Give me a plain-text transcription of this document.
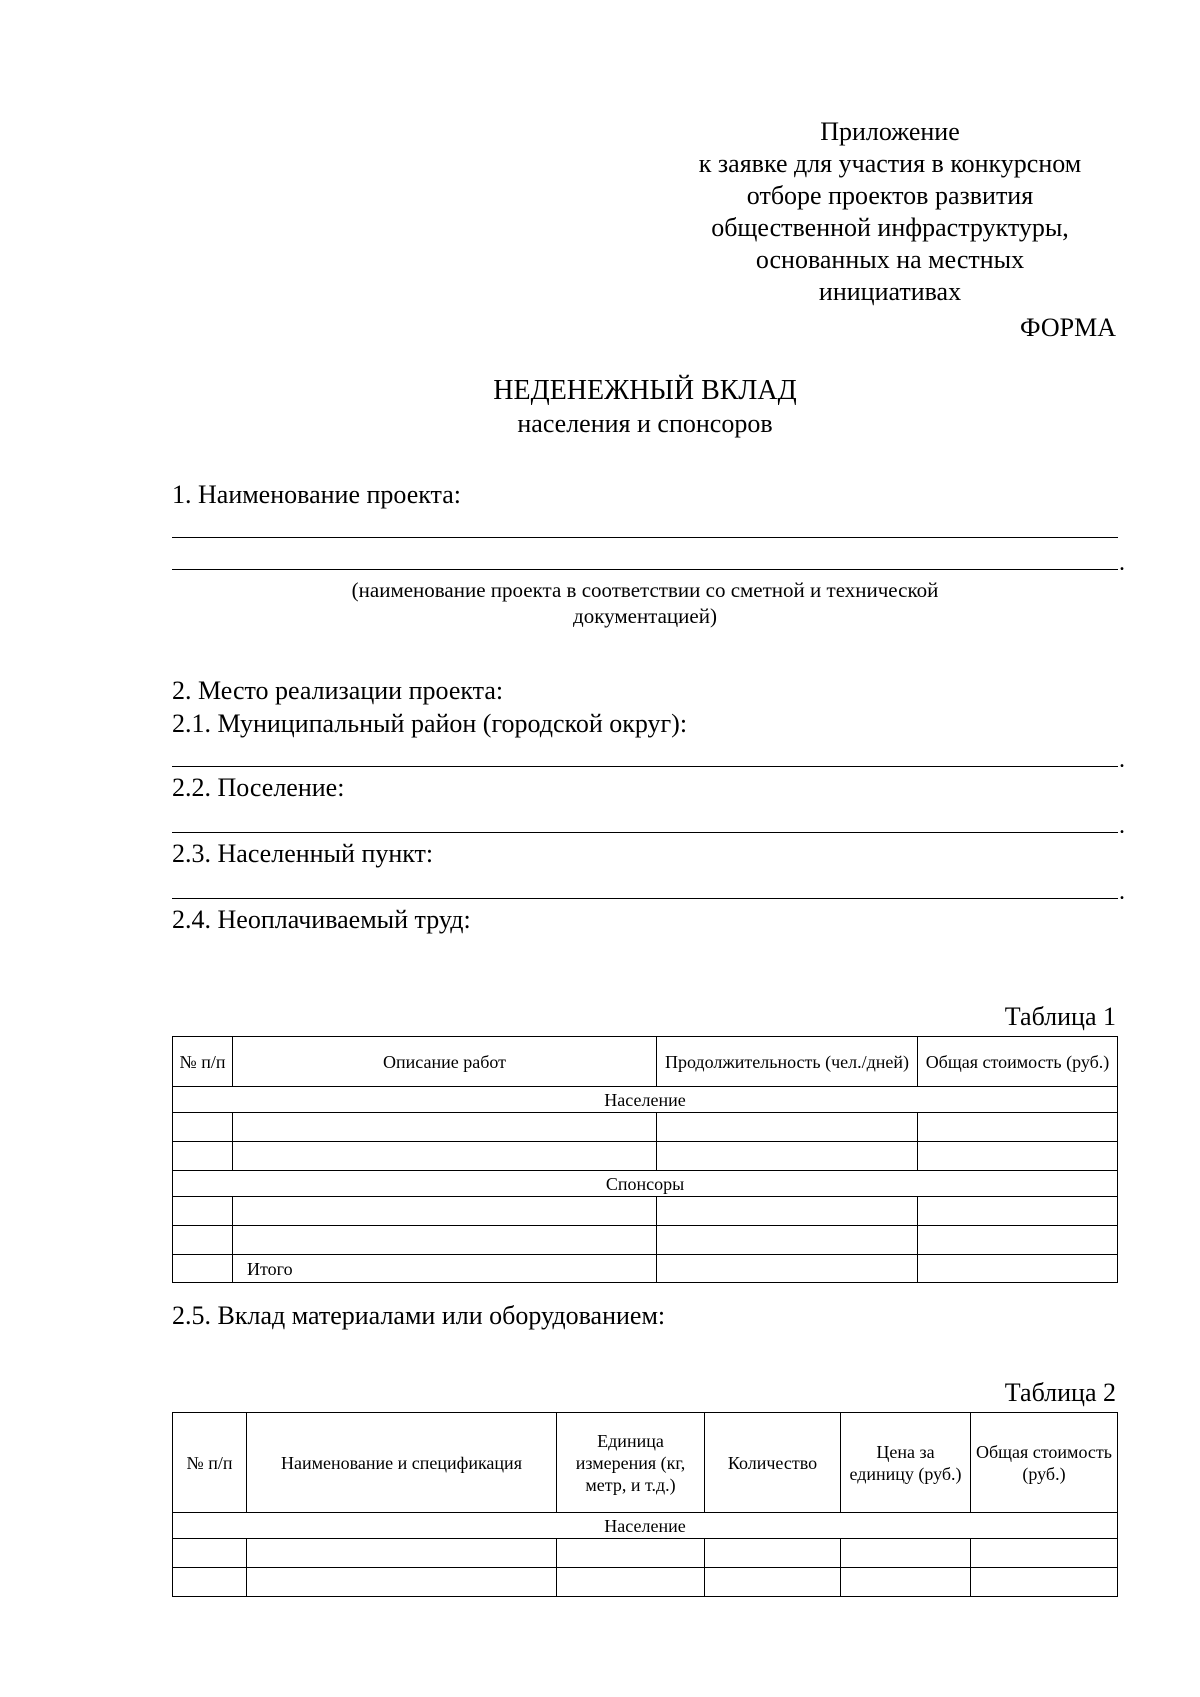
Приложение
к заявке для участия в конкурсном
отборе проектов развития
общественной инфраструктуры,
основанных на местных
инициативах
ФОРМА
НЕДЕНЕЖНЫЙ ВКЛАД
населения и спонсоров
1. Наименование проекта:
.
(наименование проекта в соответствии со сметной и технической документацией)
2. Место реализации проекта:
2.1. Муниципальный район (городской округ):
.
2.2. Поселение:
.
2.3. Населенный пункт:
.
2.4. Неоплачиваемый труд:
Таблица 1
№ п/п	Описание работ	Продолжительность (чел./дней)	Общая стоимость (руб.)
Население			

Спонсоры			

	Итого		
2.5. Вклад материалами или оборудованием:
Таблица 2
№ п/п	Наименование и спецификация	Единица измерения (кг, метр, и т.д.)	Количество	Цена за единицу (руб.)	Общая стоимость (руб.)
Население					
